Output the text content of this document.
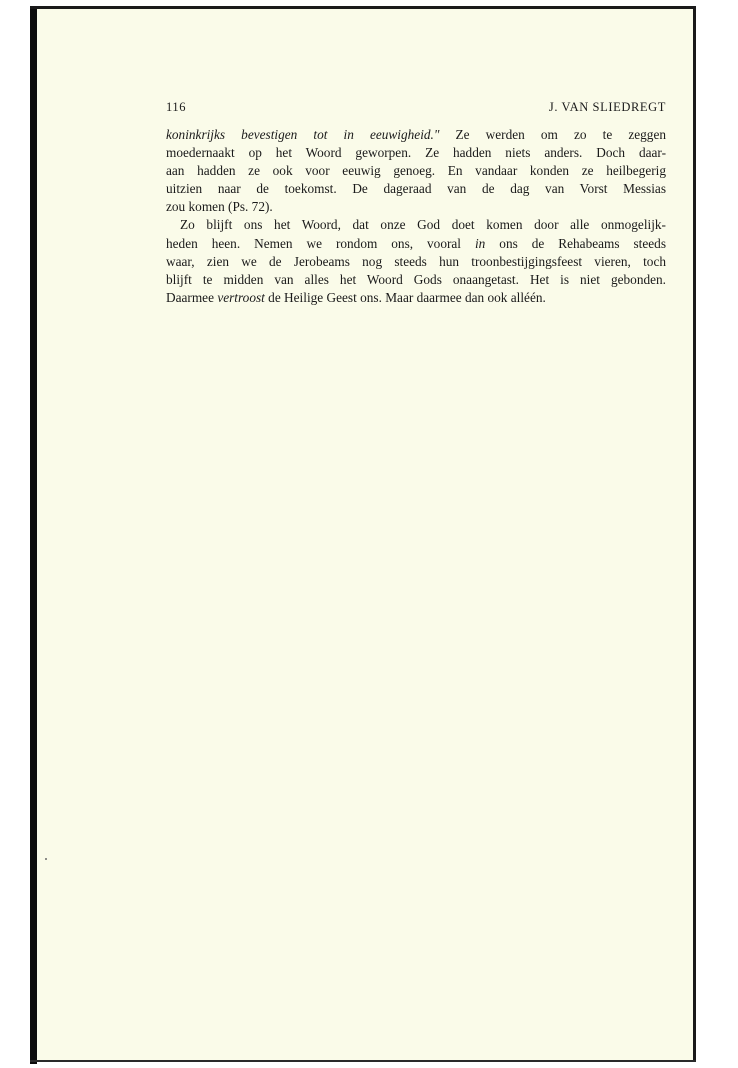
116	J. VAN SLIEDREGT
koninkrijks bevestigen tot in eeuwigheid." Ze werden om zo te zeggen
moedernaakt op het Woord geworpen. Ze hadden niets anders. Doch daar-
aan hadden ze ook voor eeuwig genoeg. En vandaar konden ze heilbegerig
uitzien naar de toekomst. De dageraad van de dag van Vorst Messias
zou komen (Ps. 72).
Zo blijft ons het Woord, dat onze God doet komen door alle onmogelijk-
heden heen. Nemen we rondom ons, vooral in ons de Rehabeams steeds
waar, zien we de Jerobeams nog steeds hun troonbestijgingsfeest vieren, toch
blijft te midden van alles het Woord Gods onaangetast. Het is niet gebonden.
Daarmee vertroost de Heilige Geest ons. Maar daarmee dan ook alléén.
